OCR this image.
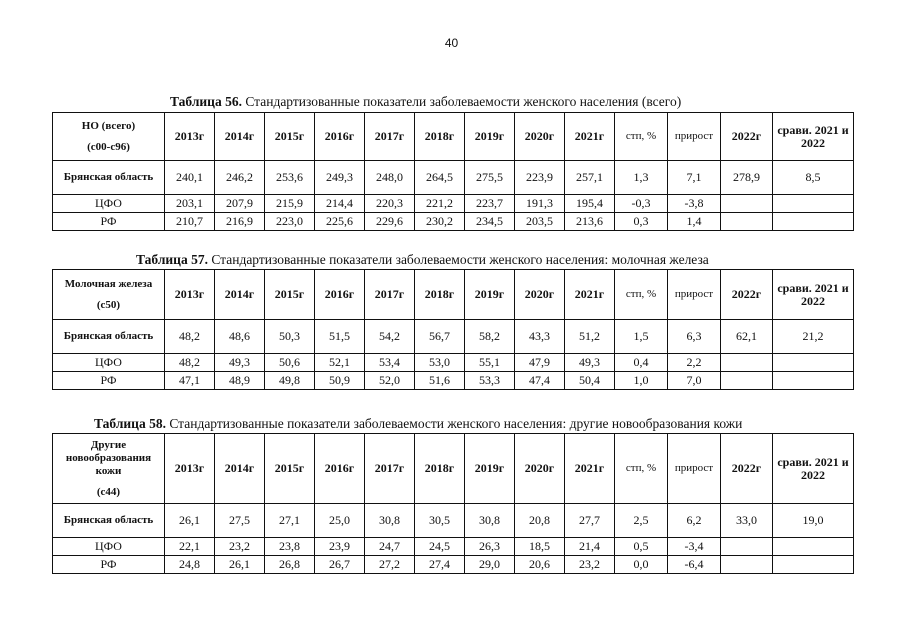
40
Таблица 56. Стандартизованные показатели заболеваемости женского населения (всего)
НО (всего)
(с00-с96)	2013г	2014г	2015г	2016г	2017г	2018г	2019г	2020г	2021г	стп, %	прирост	2022г	срави. 2021 и 2022
Брянская область	240,1	246,2	253,6	249,3	248,0	264,5	275,5	223,9	257,1	1,3	7,1	278,9	8,5
ЦФО	203,1	207,9	215,9	214,4	220,3	221,2	223,7	191,3	195,4	-0,3	-3,8		
РФ	210,7	216,9	223,0	225,6	229,6	230,2	234,5	203,5	213,6	0,3	1,4		
Таблица 57. Стандартизованные показатели заболеваемости женского населения: молочная железа
Молочная железа
(с50)	2013г	2014г	2015г	2016г	2017г	2018г	2019г	2020г	2021г	стп, %	прирост	2022г	срави. 2021 и 2022
Брянская область	48,2	48,6	50,3	51,5	54,2	56,7	58,2	43,3	51,2	1,5	6,3	62,1	21,2
ЦФО	48,2	49,3	50,6	52,1	53,4	53,0	55,1	47,9	49,3	0,4	2,2		
РФ	47,1	48,9	49,8	50,9	52,0	51,6	53,3	47,4	50,4	1,0	7,0		
Таблица 58. Стандартизованные показатели заболеваемости женского населения: другие новообразования кожи
Другие новообразования кожи
(с44)	2013г	2014г	2015г	2016г	2017г	2018г	2019г	2020г	2021г	стп, %	прирост	2022г	срави. 2021 и 2022
Брянская область	26,1	27,5	27,1	25,0	30,8	30,5	30,8	20,8	27,7	2,5	6,2	33,0	19,0
ЦФО	22,1	23,2	23,8	23,9	24,7	24,5	26,3	18,5	21,4	0,5	-3,4		
РФ	24,8	26,1	26,8	26,7	27,2	27,4	29,0	20,6	23,2	0,0	-6,4		
